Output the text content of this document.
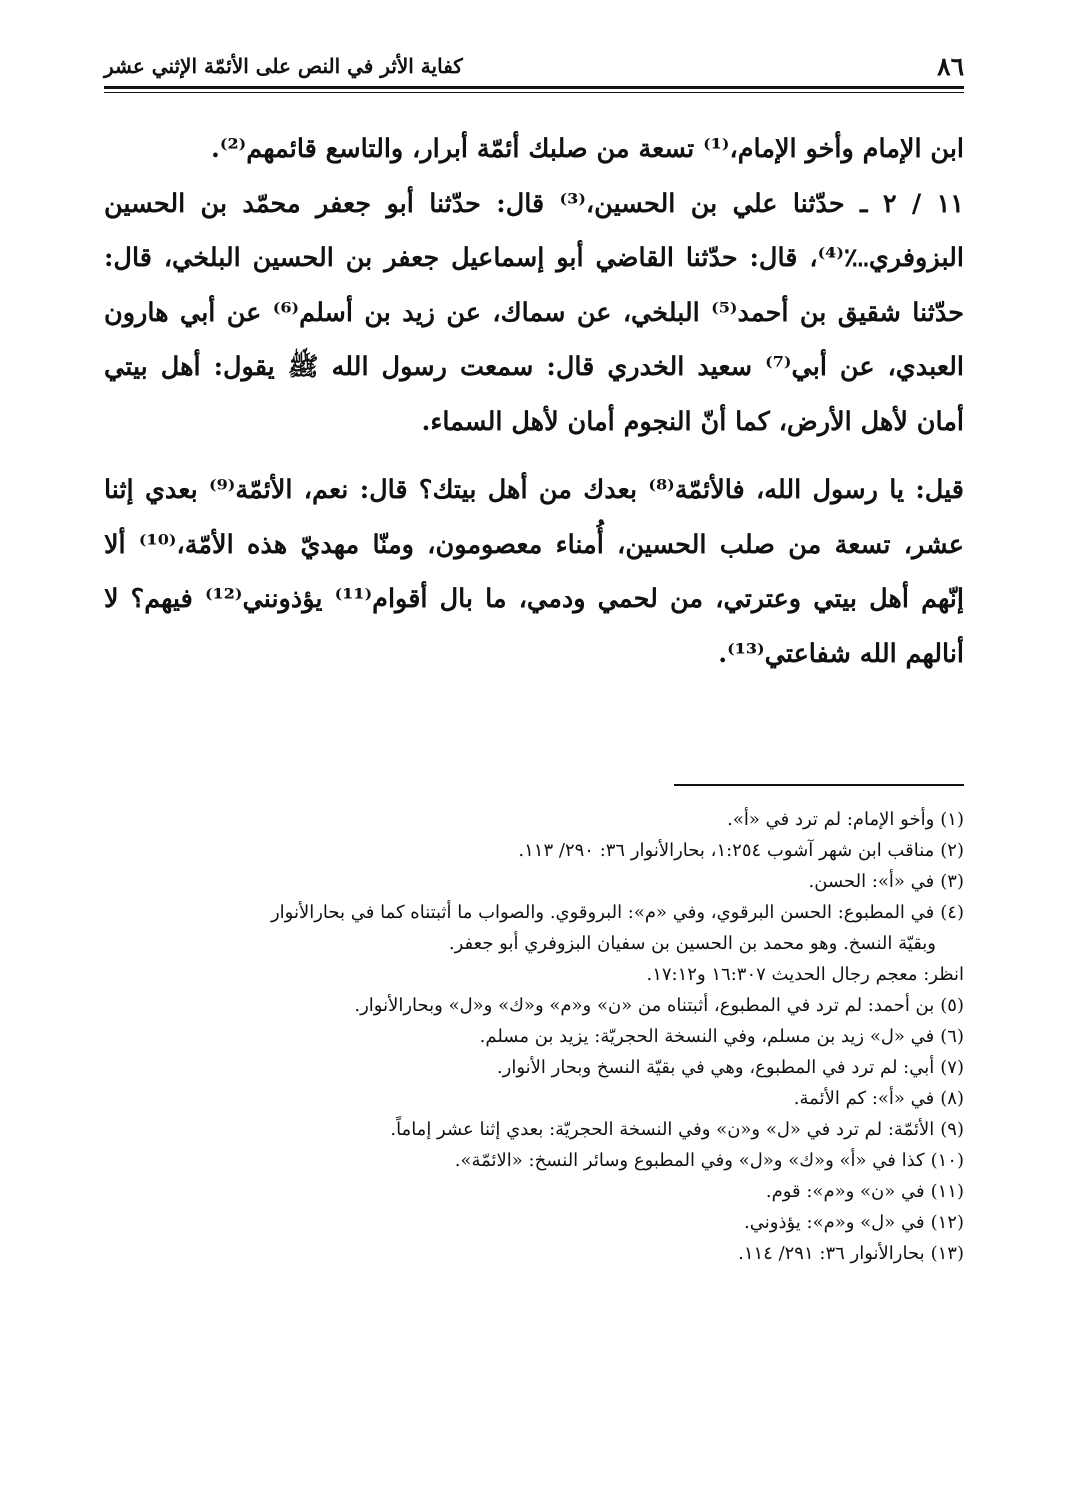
٨٦
كفاية الأثر في النص على الأئمّة الإثني عشر

ابن الإمام وأخو الإمام،⁽¹⁾ تسعة من صلبك أئمّة أبرار، والتاسع قائمهم⁽²⁾.

١١ / ٢ ـ حدّثنا علي بن الحسين،⁽³⁾ قال: حدّثنا أبو جعفر محمّد بن الحسين البزوفري؊⁽⁴⁾، قال: حدّثنا القاضي أبو إسماعيل جعفر بن الحسين البلخي، قال: حدّثنا شقيق بن أحمد⁽⁵⁾ البلخي، عن سماك، عن زيد بن أسلم⁽⁶⁾ عن أبي هارون العبدي، عن أبي⁽⁷⁾ سعيد الخدري قال: سمعت رسول الله ﷺ يقول: أهل بيتي أمان لأهل الأرض، كما أنّ النجوم أمان لأهل السماء.

قيل: يا رسول الله، فالأئمّة⁽⁸⁾ بعدك من أهل بيتك؟ قال: نعم، الأئمّة⁽⁹⁾ بعدي إثنا عشر، تسعة من صلب الحسين، أُمناء معصومون، ومنّا مهديّ هذه الأمّة،⁽¹⁰⁾ ألا إنّهم أهل بيتي وعترتي، من لحمي ودمي، ما بال أقوام⁽¹¹⁾ يؤذونني⁽¹²⁾ فيهم؟ لا أنالهم الله شفاعتي⁽¹³⁾.

(١)وأخو الإمام: لم ترد في «أ».

(٢)مناقب ابن شهر آشوب ١:٢٥٤، بحارالأنوار ٣٦: ٢٩٠/ ١١٣.

(٣)في «أ»: الحسن.

(٤)في المطبوع: الحسن البرقوي، وفي «م»: البروقوي. والصواب ما أثبتناه كما في بحارالأنوار

وبقيّة النسخ. وهو محمد بن الحسين بن سفيان البزوفري أبو جعفر.

انظر: معجم رجال الحديث ١٦:٣٠٧ و١٧:١٢.

(٥)بن أحمد: لم ترد في المطبوع، أثبتناه من «ن» و«م» و«ك» و«ل» وبحارالأنوار.

(٦)في «ل» زيد بن مسلم، وفي النسخة الحجريّة: يزيد بن مسلم.

(٧)أبي: لم ترد في المطبوع، وهي في بقيّة النسخ وبحار الأنوار.

(٨)في «أ»: كم الأئمة.

(٩)الأئمّة: لم ترد في «ل» و«ن» وفي النسخة الحجريّة: بعدي إثنا عشر إماماً.

(١٠)كذا في «أ» و«ك» و«ل» وفي المطبوع وسائر النسخ: «الائمّة».

(١١)في «ن» و«م»: قوم.

(١٢)في «ل» و«م»: يؤذوني.

(١٣)بحارالأنوار ٣٦: ٢٩١/ ١١٤.
